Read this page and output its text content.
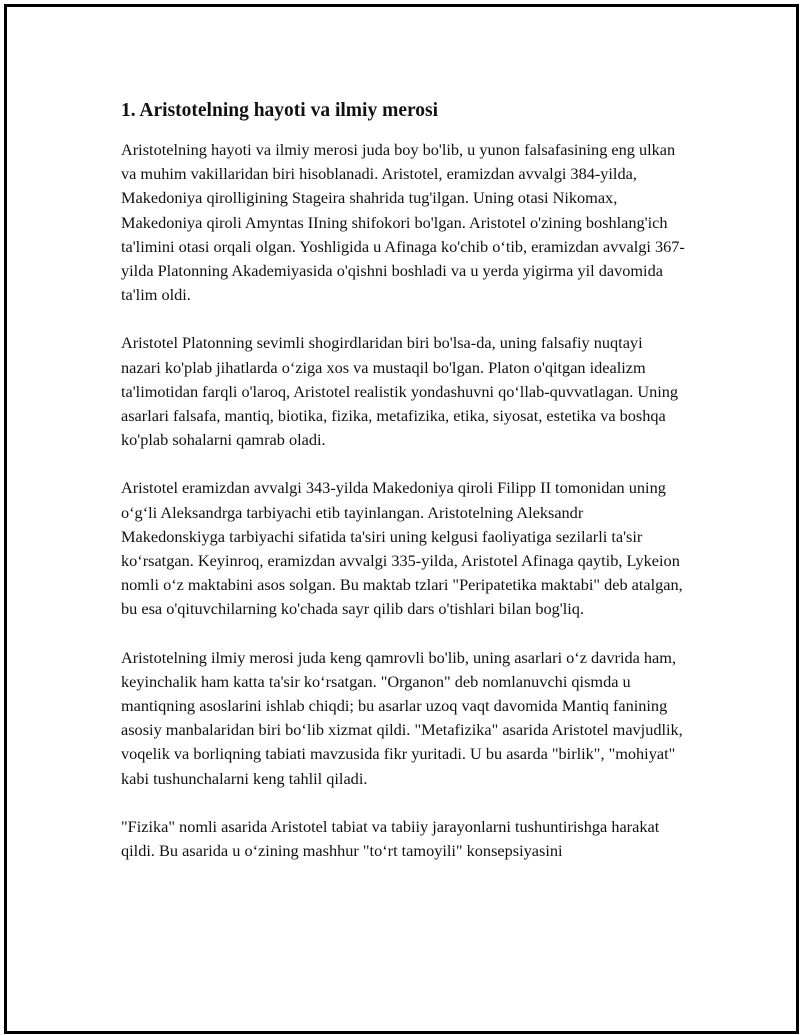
1. Aristotelning hayoti va ilmiy merosi

Aristotelning hayoti va ilmiy merosi juda boy bo'lib, u yunon falsafasining eng ulkan va muhim vakillaridan biri hisoblanadi. Aristotel, eramizdan avvalgi 384-yilda, Makedoniya qirolligining Stageira shahrida tug'ilgan. Uning otasi Nikomax, Makedoniya qiroli Amyntas IIning shifokori bo'lgan. Aristotel o'zining boshlang'ich ta'limini otasi orqali olgan. Yoshligida u Afinaga ko'chib o‘tib, eramizdan avvalgi 367-yilda Platonning Akademiyasida o'qishni boshladi va u yerda yigirma yil davomida ta'lim oldi.

Aristotel Platonning sevimli shogirdlaridan biri bo'lsa-da, uning falsafiy nuqtayi nazari ko'plab jihatlarda o‘ziga xos va mustaqil bo'lgan. Platon o'qitgan idealizm ta'limotidan farqli o'laroq, Aristotel realistik yondashuvni qo‘llab-quvvatlagan. Uning asarlari falsafa, mantiq, biotika, fizika, metafizika, etika, siyosat, estetika va boshqa ko'plab sohalarni qamrab oladi.

Aristotel eramizdan avvalgi 343-yilda Makedoniya qiroli Filipp II tomonidan uning o‘g‘li Aleksandrga tarbiyachi etib tayinlangan. Aristotelning Aleksandr Makedonskiyga tarbiyachi sifatida ta'siri uning kelgusi faoliyatiga sezilarli ta'sir ko‘rsatgan. Keyinroq, eramizdan avvalgi 335-yilda, Aristotel Afinaga qaytib, Lykeion nomli o‘z maktabini asos solgan. Bu maktab tzlari "Peripatetika maktabi" deb atalgan, bu esa o'qituvchilarning ko'chada sayr qilib dars o'tishlari bilan bog'liq.

Aristotelning ilmiy merosi juda keng qamrovli bo'lib, uning asarlari o‘z davrida ham, keyinchalik ham katta ta'sir ko‘rsatgan. "Organon" deb nomlanuvchi qismda u mantiqning asoslarini ishlab chiqdi; bu asarlar uzoq vaqt davomida Mantiq fanining asosiy manbalaridan biri bo‘lib xizmat qildi. "Metafizika" asarida Aristotel mavjudlik, voqelik va borliqning tabiati mavzusida fikr yuritadi. U bu asarda "birlik", "mohiyat" kabi tushunchalarni keng tahlil qiladi.

"Fizika" nomli asarida Aristotel tabiat va tabiiy jarayonlarni tushuntirishga harakat qildi. Bu asarida u o‘zining mashhur "to‘rt tamoyili" konsepsiyasini
